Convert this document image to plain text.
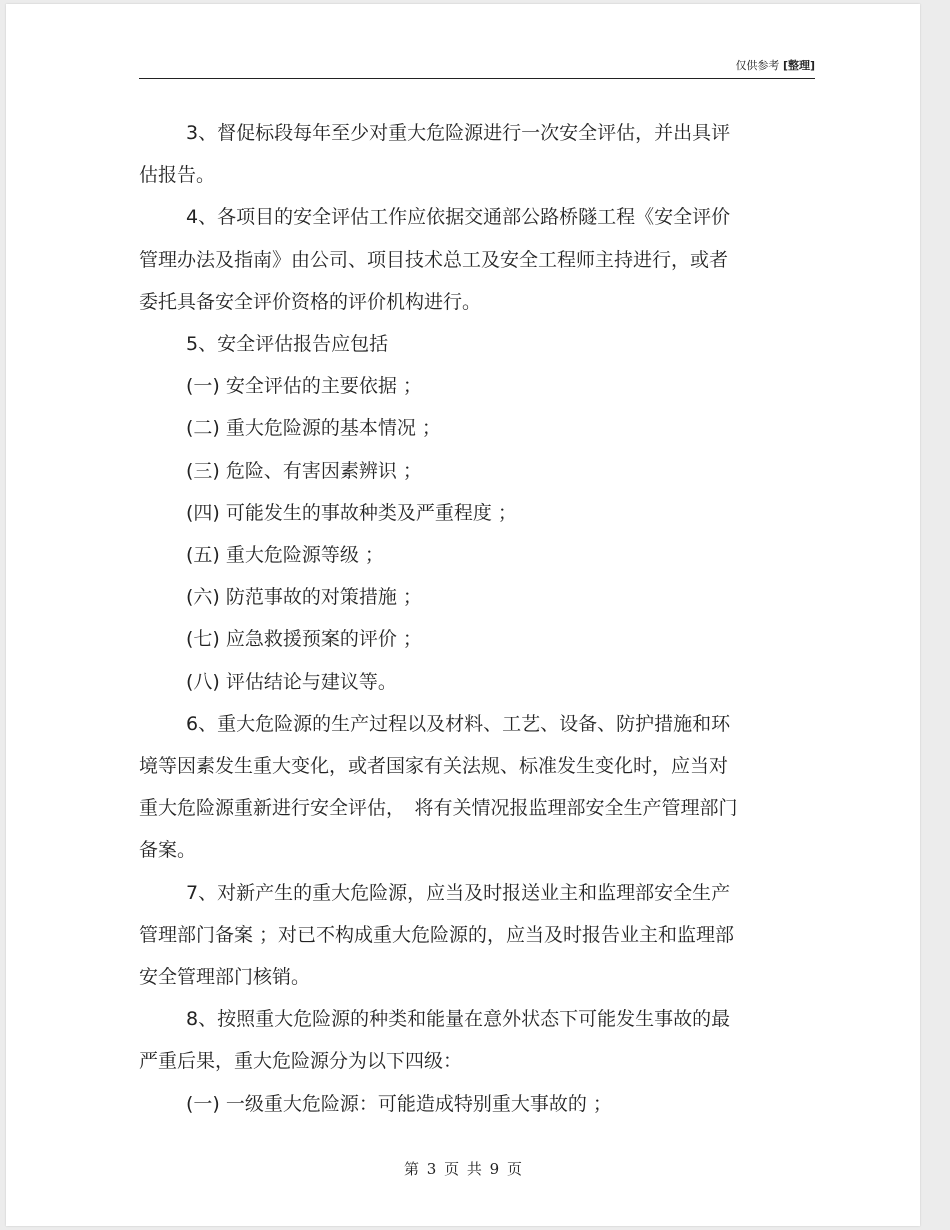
仅供参考 [整理]

3、督促标段每年至少对重大危险源进行一次安全评估，并出具评

估报告。

4、各项目的安全评估工作应依据交通部公路桥隧工程《安全评价

管理办法及指南》由公司、项目技术总工及安全工程师主持进行，或者

委托具备安全评价资格的评价机构进行。

5、安全评估报告应包括

(一) 安全评估的主要依据 ；

(二) 重大危险源的基本情况 ；

(三) 危险、有害因素辨识 ；

(四) 可能发生的事故种类及严重程度 ；

(五) 重大危险源等级 ；

(六) 防范事故的对策措施 ；

(七) 应急救援预案的评价 ；

(八) 评估结论与建议等。

6、重大危险源的生产过程以及材料、工艺、设备、防护措施和环

境等因素发生重大变化，或者国家有关法规、标准发生变化时，应当对

重大危险源重新进行安全评估，　将有关情况报监理部安全生产管理部门

备案。

7、对新产生的重大危险源，应当及时报送业主和监理部安全生产

管理部门备案 ；对已不构成重大危险源的，应当及时报告业主和监理部

安全管理部门核销。

8、按照重大危险源的种类和能量在意外状态下可能发生事故的最

严重后果，重大危险源分为以下四级：

(一) 一级重大危险源：可能造成特别重大事故的 ；

第 3 页 共 9 页
